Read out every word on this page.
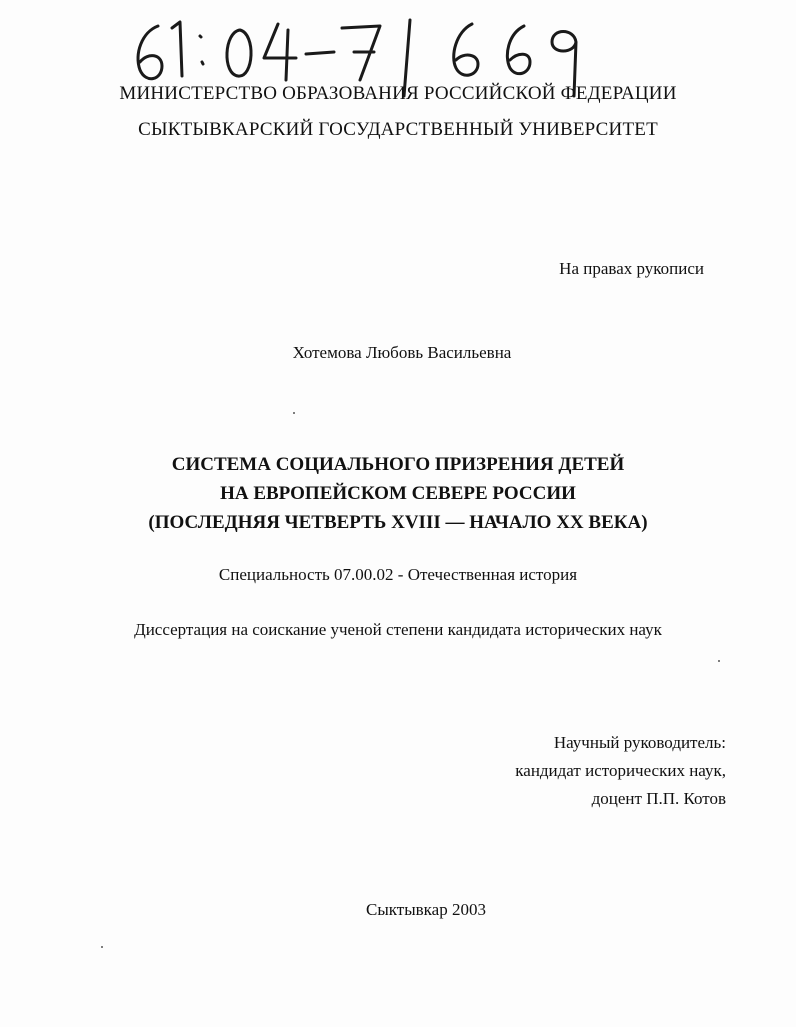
МИНИСТЕРСТВО ОБРАЗОВАНИЯ РОССИЙСКОЙ ФЕДЕРАЦИИ
СЫКТЫВКАРСКИЙ ГОСУДАРСТВЕННЫЙ УНИВЕРСИТЕТ
На правах рукописи
Хотемова Любовь Васильевна
СИСТЕМА СОЦИАЛЬНОГО ПРИЗРЕНИЯ ДЕТЕЙ
НА ЕВРОПЕЙСКОМ СЕВЕРЕ РОССИИ
(ПОСЛЕДНЯЯ ЧЕТВЕРТЬ XVIII — НАЧАЛО XX ВЕКА)
Специальность 07.00.02 - Отечественная история
Диссертация на соискание ученой степени кандидата исторических наук
Научный руководитель:
кандидат исторических наук,
доцент П.П. Котов
Сыктывкар 2003
